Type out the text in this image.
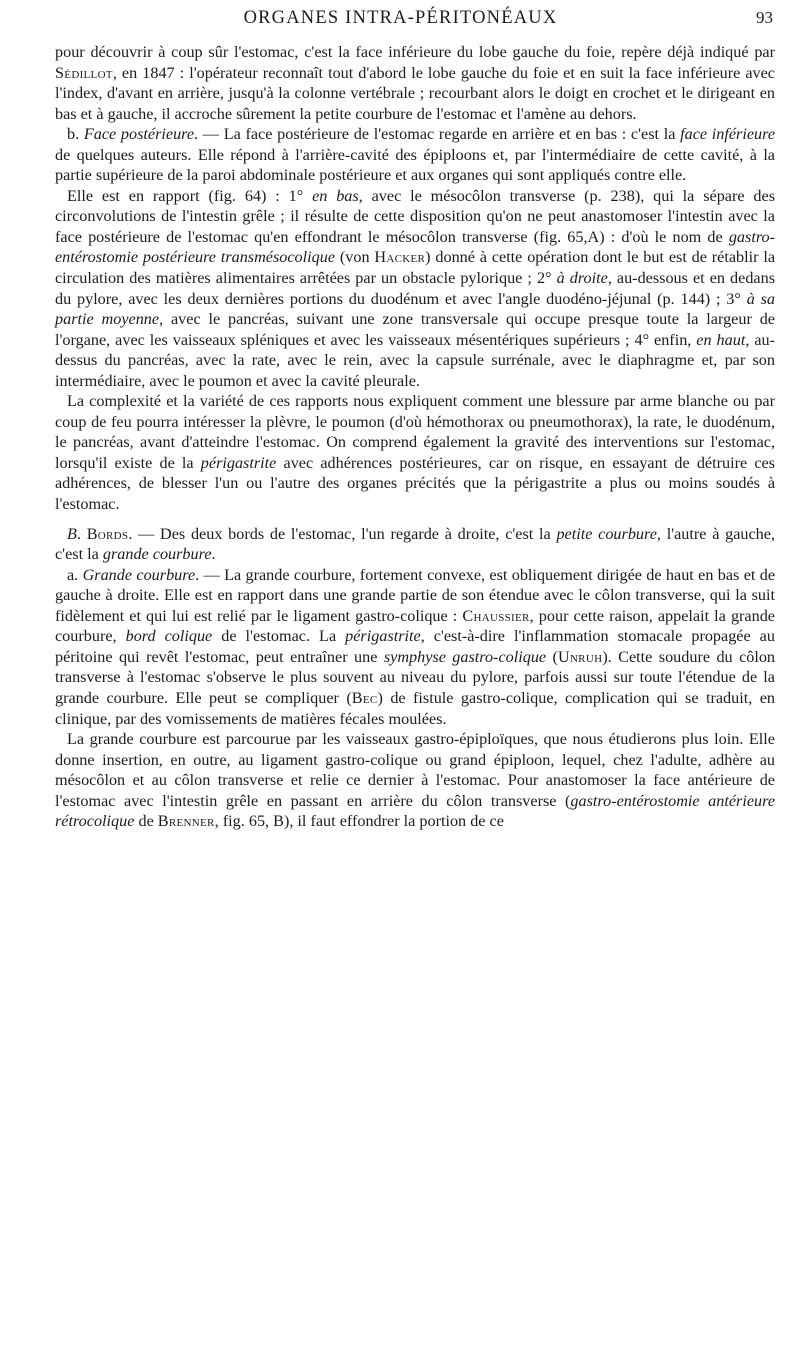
ORGANES INTRA-PÉRITONÉAUX	93

pour découvrir à coup sûr l'estomac, c'est la face inférieure du lobe gauche du foie, repère déjà indiqué par Sédillot, en 1847 : l'opérateur reconnaît tout d'abord le lobe gauche du foie et en suit la face inférieure avec l'index, d'avant en arrière, jusqu'à la colonne vertébrale ; recourbant alors le doigt en crochet et le dirigeant en bas et à gauche, il accroche sûrement la petite courbure de l'estomac et l'amène au dehors.

b. Face postérieure. — La face postérieure de l'estomac regarde en arrière et en bas : c'est la face inférieure de quelques auteurs. Elle répond à l'arrière-cavité des épiploons et, par l'intermédiaire de cette cavité, à la partie supérieure de la paroi abdominale postérieure et aux organes qui sont appliqués contre elle.

Elle est en rapport (fig. 64) : 1° en bas, avec le mésocôlon transverse (p. 238), qui la sépare des circonvolutions de l'intestin grêle ; il résulte de cette disposition qu'on ne peut anastomoser l'intestin avec la face postérieure de l'estomac qu'en effondrant le mésocôlon transverse (fig. 65,A) : d'où le nom de gastro-entérostomie postérieure transmésocolique (von Hacker) donné à cette opération dont le but est de rétablir la circulation des matières alimentaires arrêtées par un obstacle pylorique ; 2° à droite, au-dessous et en dedans du pylore, avec les deux dernières portions du duodénum et avec l'angle duodéno-jéjunal (p. 144) ; 3° à sa partie moyenne, avec le pancréas, suivant une zone transversale qui occupe presque toute la largeur de l'organe, avec les vaisseaux spléniques et avec les vaisseaux mésentériques supérieurs ; 4° enfin, en haut, au-dessus du pancréas, avec la rate, avec le rein, avec la capsule surrénale, avec le diaphragme et, par son intermédiaire, avec le poumon et avec la cavité pleurale.

La complexité et la variété de ces rapports nous expliquent comment une blessure par arme blanche ou par coup de feu pourra intéresser la plèvre, le poumon (d'où hémothorax ou pneumothorax), la rate, le duodénum, le pancréas, avant d'atteindre l'estomac. On comprend également la gravité des interventions sur l'estomac, lorsqu'il existe de la périgastrite avec adhérences postérieures, car on risque, en essayant de détruire ces adhérences, de blesser l'un ou l'autre des organes précités que la périgastrite a plus ou moins soudés à l'estomac.

B. Bords. — Des deux bords de l'estomac, l'un regarde à droite, c'est la petite courbure, l'autre à gauche, c'est la grande courbure.

a. Grande courbure. — La grande courbure, fortement convexe, est obliquement dirigée de haut en bas et de gauche à droite. Elle est en rapport dans une grande partie de son étendue avec le côlon transverse, qui la suit fidèlement et qui lui est relié par le ligament gastro-colique : Chaussier, pour cette raison, appelait la grande courbure, bord colique de l'estomac. La périgastrite, c'est-à-dire l'inflammation stomacale propagée au péritoine qui revêt l'estomac, peut entraîner une symphyse gastro-colique (Unruh). Cette soudure du côlon transverse à l'estomac s'observe le plus souvent au niveau du pylore, parfois aussi sur toute l'étendue de la grande courbure. Elle peut se compliquer (Bec) de fistule gastro-colique, complication qui se traduit, en clinique, par des vomissements de matières fécales moulées.

La grande courbure est parcourue par les vaisseaux gastro-épiploïques, que nous étudierons plus loin. Elle donne insertion, en outre, au ligament gastro-colique ou grand épiploon, lequel, chez l'adulte, adhère au mésocôlon et au côlon transverse et relie ce dernier à l'estomac. Pour anastomoser la face antérieure de l'estomac avec l'intestin grêle en passant en arrière du côlon transverse (gastro-entérostomie antérieure rétrocolique de Brenner, fig. 65, B), il faut effondrer la portion de ce
